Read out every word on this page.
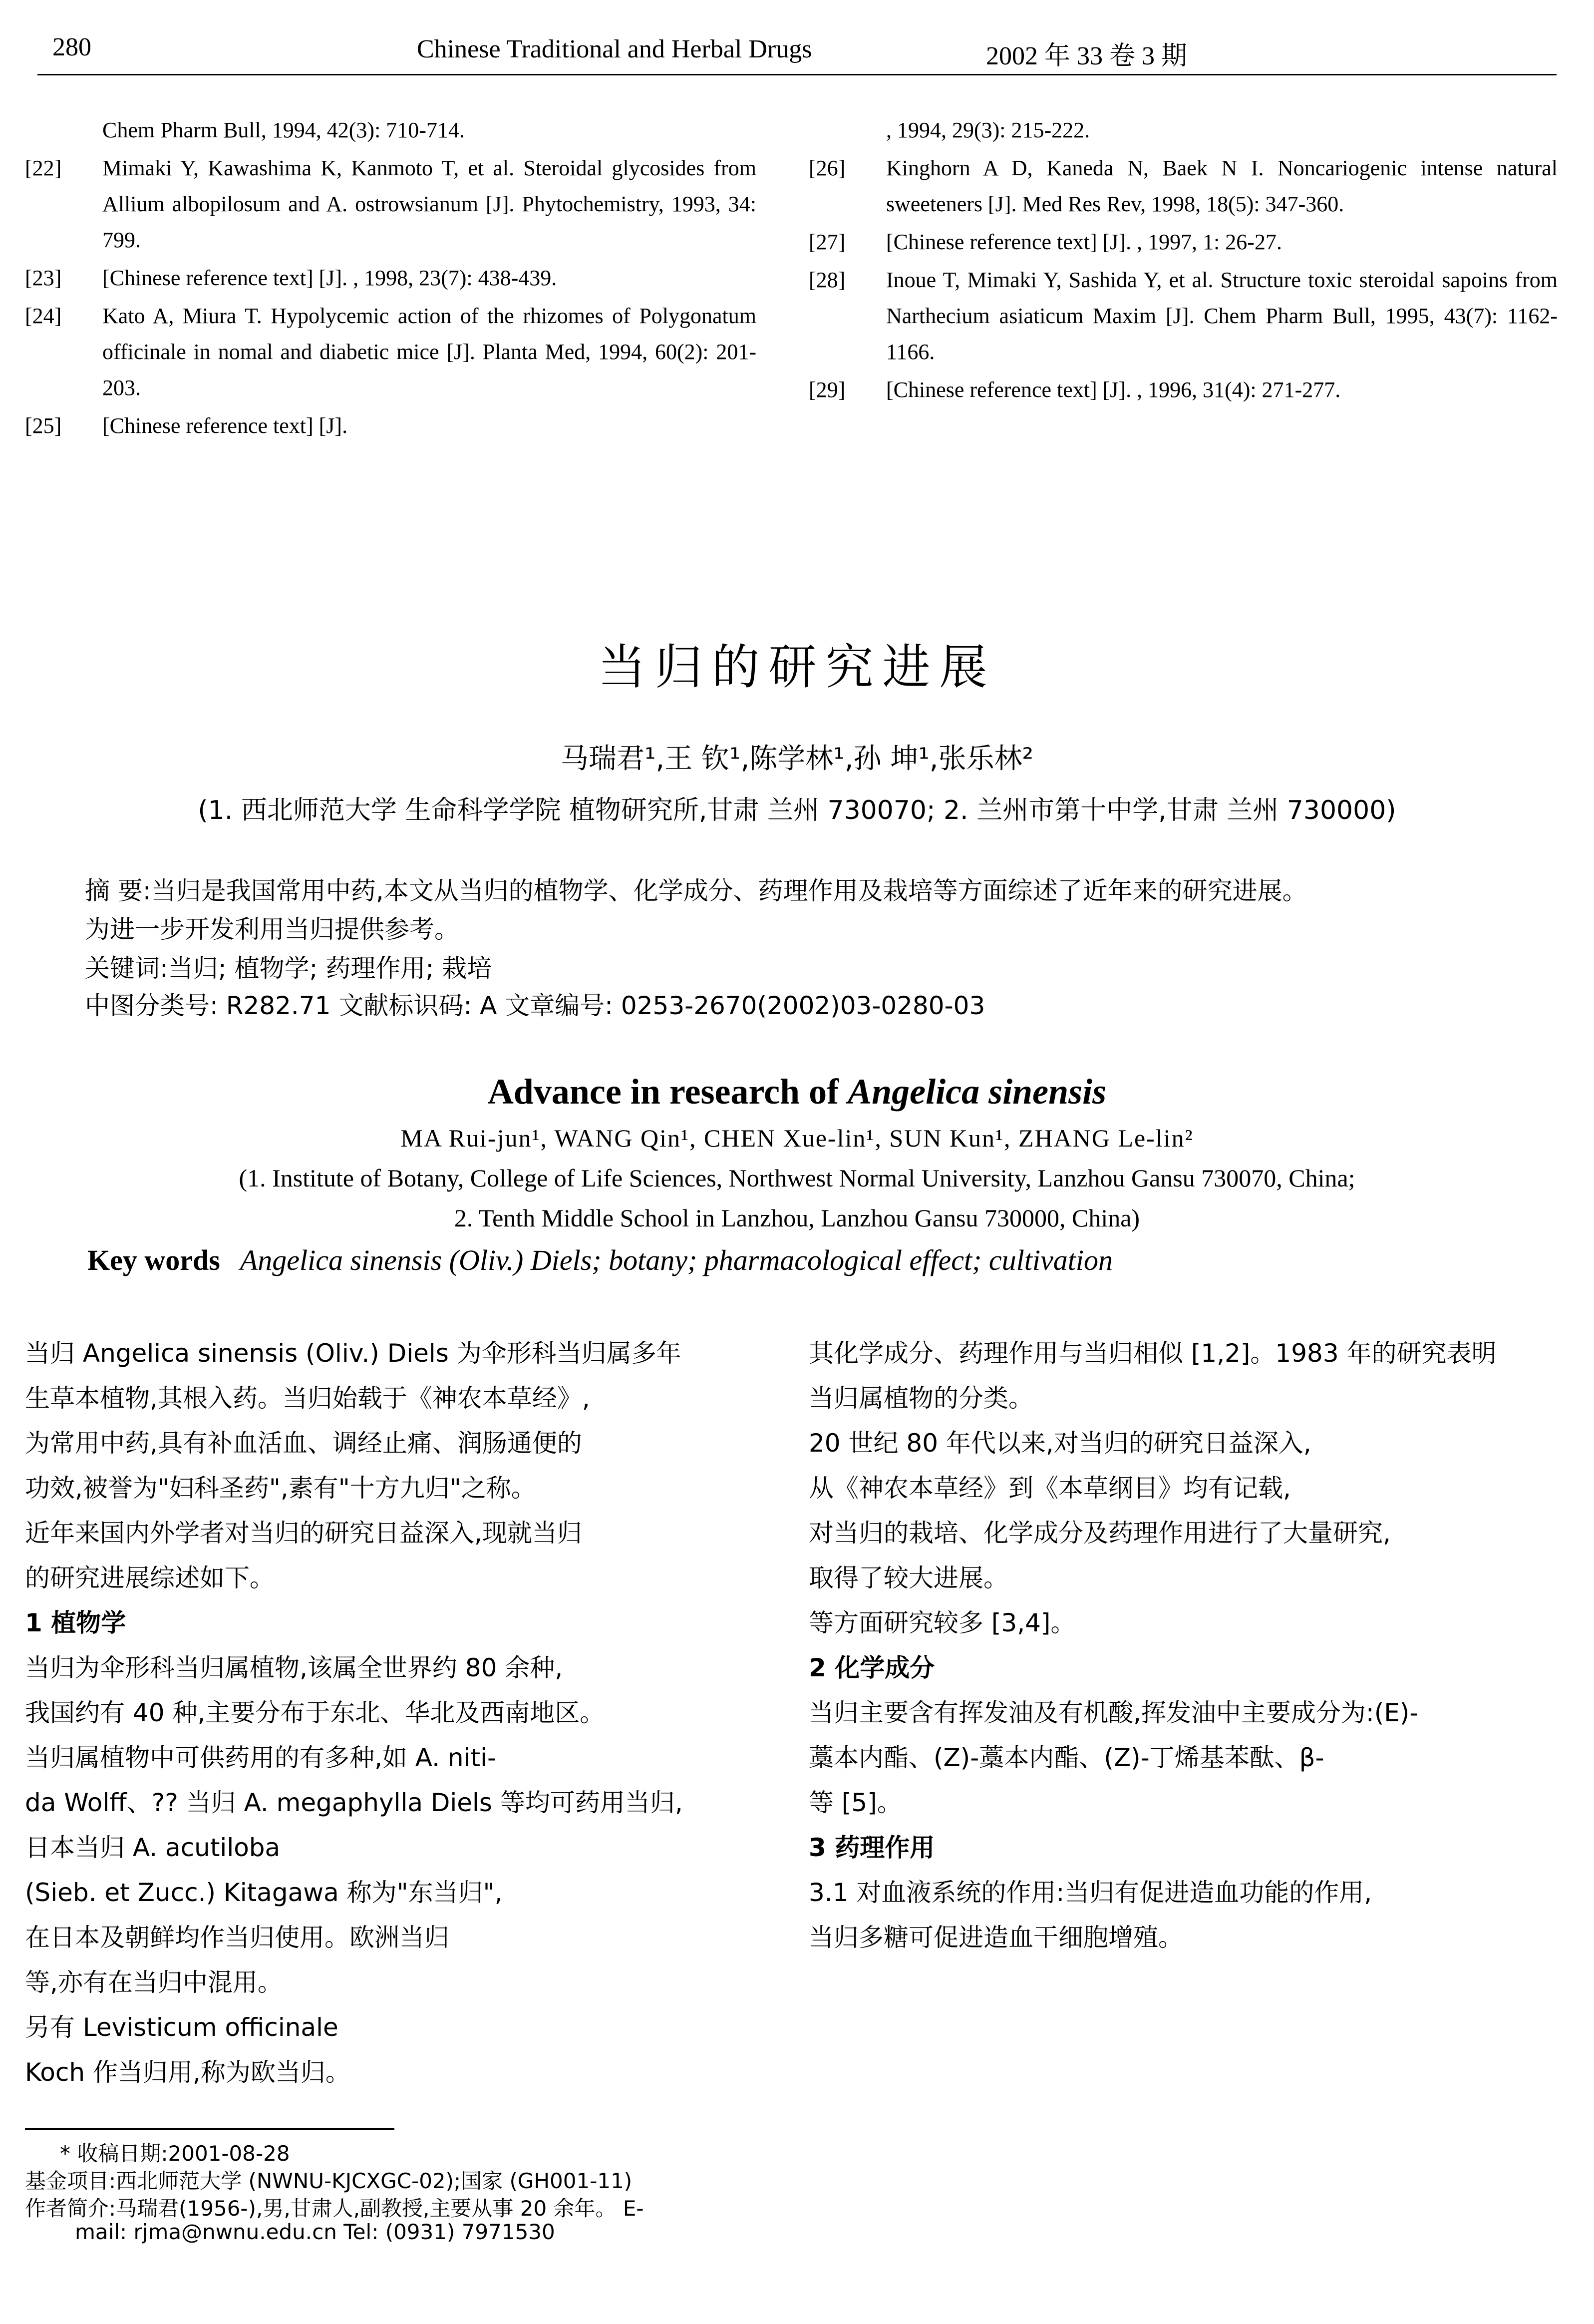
280	Chinese Traditional and Herbal Drugs	2002 年 33 卷 3 期
Chem Pharm Bull, 1994, 42(3): 710-714.
[22]	Mimaki Y, Kawashima K, Kanmoto T, et al. Steroidal glycosides from Allium albopilosum and A. ostrowsianum [J]. Phytochemistry, 1993, 34: 799.
[23]	[Chinese reference text] [J]. , 1998, 23(7): 438-439.
[24]	Kato A, Miura T. Hypolycemic action of the rhizomes of Polygonatum officinale in nomal and diabetic mice [J]. Planta Med, 1994, 60(2): 201-203.
[25]	[Chinese reference text] [J].
, 1994, 29(3): 215-222.
[26]	Kinghorn A D, Kaneda N, Baek N I. Noncariogenic intense natural sweeteners [J]. Med Res Rev, 1998, 18(5): 347-360.
[27]	[Chinese reference text] [J]. , 1997, 1: 26-27.
[28]	Inoue T, Mimaki Y, Sashida Y, et al. Structure toxic steroidal sapoins from Narthecium asiaticum Maxim [J]. Chem Pharm Bull, 1995, 43(7): 1162-1166.
[29]	[Chinese reference text] [J]. , 1996, 31(4): 271-277.
当归的研究进展
马瑞君¹,王 钦¹,陈学林¹,孙 坤¹,张乐林²
(1. 西北师范大学 生命科学学院 植物研究所,甘肃 兰州 730070; 2. 兰州市第十中学,甘肃 兰州 730000)
摘 要:当归是我国常用中药,本文从当归的植物学、化学成分、药理作用及栽培等方面综述了近年来的研究进展。
为进一步开发利用当归提供参考。
关键词:当归; 植物学; 药理作用; 栽培
中图分类号: R282.71 文献标识码: A 文章编号: 0253-2670(2002)03-0280-03
Advance in research of Angelica sinensis
MA Rui-jun¹, WANG Qin¹, CHEN Xue-lin¹, SUN Kun¹, ZHANG Le-lin²
(1. Institute of Botany, College of Life Sciences, Northwest Normal University, Lanzhou Gansu 730070, China;
2. Tenth Middle School in Lanzhou, Lanzhou Gansu 730000, China)
Key words Angelica sinensis (Oliv.) Diels; botany; pharmacological effect; cultivation
当归 Angelica sinensis (Oliv.) Diels 为伞形科当归属多年
生草本植物,其根入药。当归始载于《神农本草经》,
为常用中药,具有补血活血、调经止痛、润肠通便的
功效,被誉为"妇科圣药",素有"十方九归"之称。
近年来国内外学者对当归的研究日益深入,现就当归
的研究进展综述如下。
1 植物学
当归为伞形科当归属植物,该属全世界约 80 余种,
我国约有 40 种,主要分布于东北、华北及西南地区。
当归属植物中可供药用的有多种,如 A. niti-
da Wolff、?? 当归 A. megaphylla Diels 等均可药用当归,
日本当归 A. acutiloba
(Sieb. et Zucc.) Kitagawa 称为"东当归",
在日本及朝鲜均作当归使用。欧洲当归
等,亦有在当归中混用。
另有 Levisticum officinale
Koch 作当归用,称为欧当归。
其化学成分、药理作用与当归相似 [1,2]。1983 年的研究表明
当归属植物的分类。
20 世纪 80 年代以来,对当归的研究日益深入,
从《神农本草经》到《本草纲目》均有记载,
对当归的栽培、化学成分及药理作用进行了大量研究,
取得了较大进展。
等方面研究较多 [3,4]。
2 化学成分
当归主要含有挥发油及有机酸,挥发油中主要成分为:(E)-
藁本内酯、(Z)-藁本内酯、(Z)-丁烯基苯酞、β-
等 [5]。
3 药理作用
3.1 对血液系统的作用:当归有促进造血功能的作用,
当归多糖可促进造血干细胞增殖。
* 收稿日期:2001-08-28
基金项目:西北师范大学 (NWNU-KJCXGC-02);国家 (GH001-11)
作者简介:马瑞君(1956-),男,甘肃人,副教授,主要从事 20 余年。 E-
mail: rjma@nwnu.edu.cn Tel: (0931) 7971530
